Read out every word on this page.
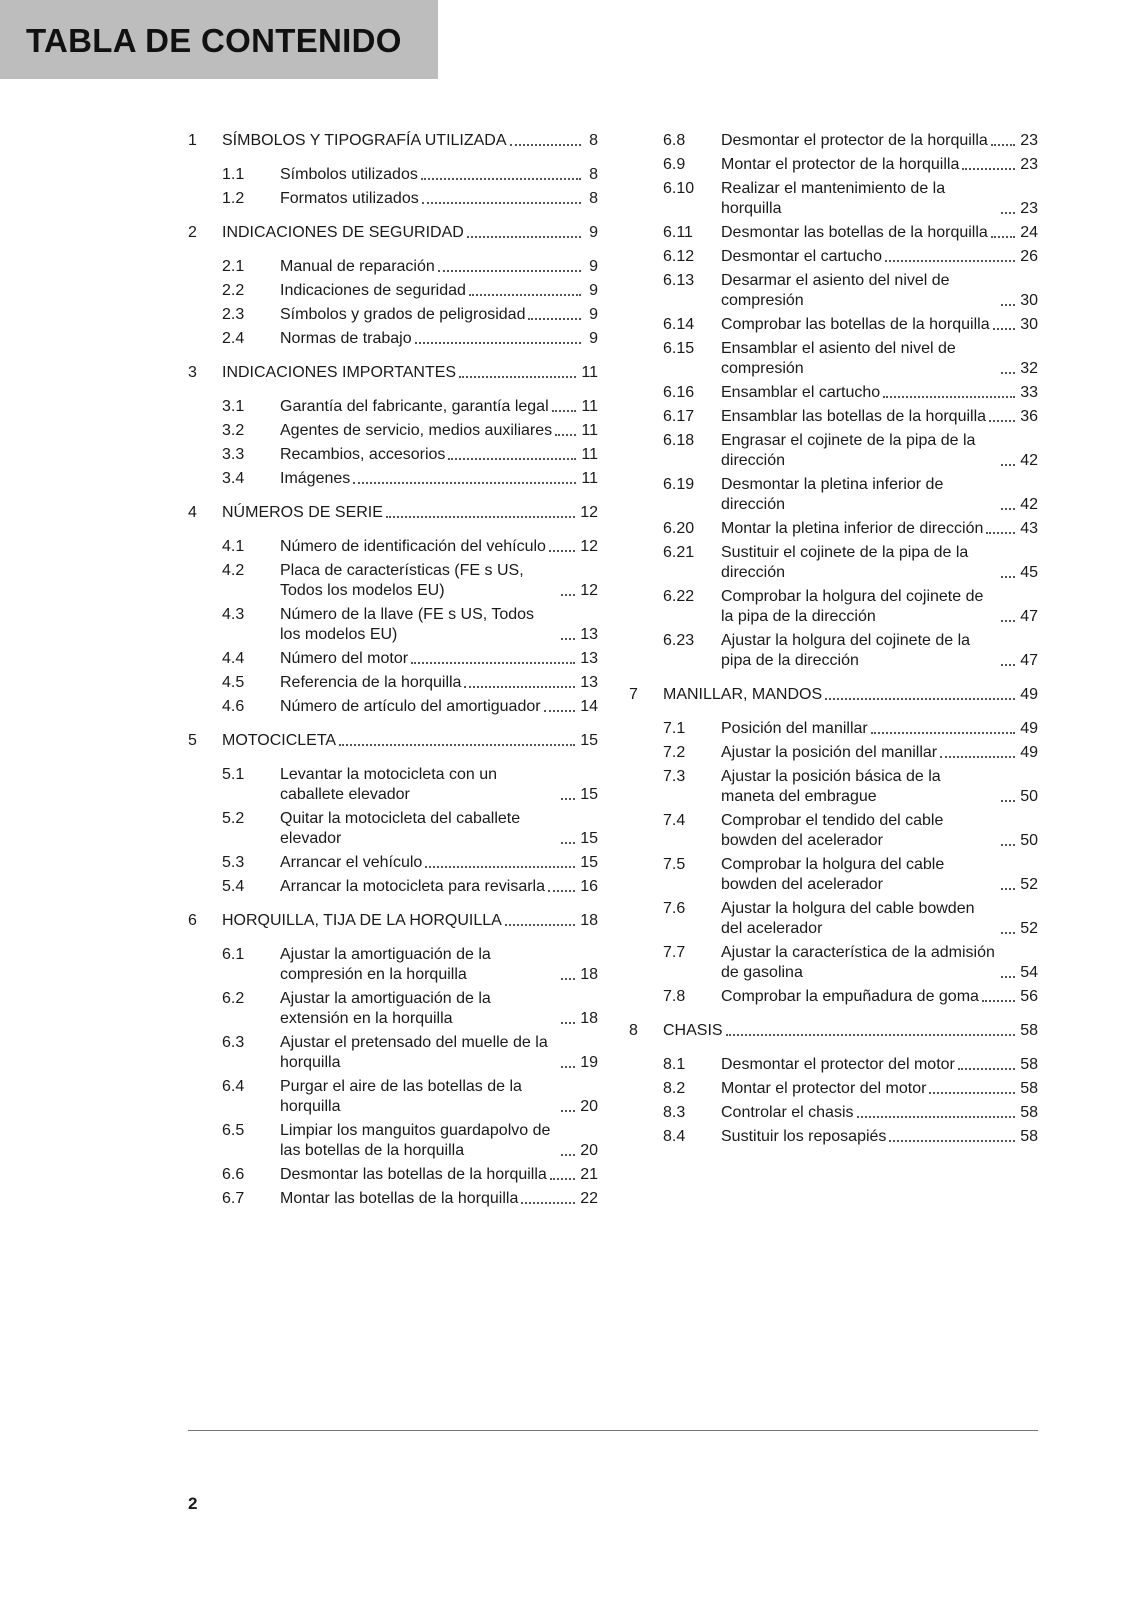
TABLA DE CONTENIDO
1	SÍMBOLOS Y TIPOGRAFÍA UTILIZADA	8
1.1	Símbolos utilizados	8
1.2	Formatos utilizados	8
2	INDICACIONES DE SEGURIDAD	9
2.1	Manual de reparación	9
2.2	Indicaciones de seguridad	9
2.3	Símbolos y grados de peligrosidad	9
2.4	Normas de trabajo	9
3	INDICACIONES IMPORTANTES	11
3.1	Garantía del fabricante, garantía legal 11
3.2	Agentes de servicio, medios auxiliares 11
3.3	Recambios, accesorios	11
3.4	Imágenes	11
4	NÚMEROS DE SERIE	12
4.1	Número de identificación del vehículo 12
4.2	Placa de características (FE s US, Todos los modelos EU)	12
4.3	Número de la llave (FE s US, Todos los modelos EU)	13
4.4	Número del motor	13
4.5	Referencia de la horquilla	13
4.6	Número de artículo del amortiguador 14
5	MOTOCICLETA	15
5.1	Levantar la motocicleta con un caballete elevador	15
5.2	Quitar la motocicleta del caballete elevador	15
5.3	Arrancar el vehículo	15
5.4	Arrancar la motocicleta para revisarla 16
6	HORQUILLA, TIJA DE LA HORQUILLA	18
6.1	Ajustar la amortiguación de la compresión en la horquilla	18
6.2	Ajustar la amortiguación de la extensión en la horquilla	18
6.3	Ajustar el pretensado del muelle de la horquilla	19
6.4	Purgar el aire de las botellas de la horquilla	20
6.5	Limpiar los manguitos guardapolvo de las botellas de la horquilla	20
6.6	Desmontar las botellas de la horquilla 21
6.7	Montar las botellas de la horquilla	22
6.8	Desmontar el protector de la horquilla 23
6.9	Montar el protector de la horquilla	23
6.10	Realizar el mantenimiento de la horquilla	23
6.11	Desmontar las botellas de la horquilla 24
6.12	Desmontar el cartucho	26
6.13	Desarmar el asiento del nivel de compresión	30
6.14	Comprobar las botellas de la horquilla 30
6.15	Ensamblar el asiento del nivel de compresión	32
6.16	Ensamblar el cartucho	33
6.17	Ensamblar las botellas de la horquilla 36
6.18	Engrasar el cojinete de la pipa de la dirección	42
6.19	Desmontar la pletina inferior de dirección	42
6.20	Montar la pletina inferior de dirección 43
6.21	Sustituir el cojinete de la pipa de la dirección	45
6.22	Comprobar la holgura del cojinete de la pipa de la dirección	47
6.23	Ajustar la holgura del cojinete de la pipa de la dirección	47
7	MANILLAR, MANDOS	49
7.1	Posición del manillar	49
7.2	Ajustar la posición del manillar	49
7.3	Ajustar la posición básica de la maneta del embrague	50
7.4	Comprobar el tendido del cable bowden del acelerador	50
7.5	Comprobar la holgura del cable bowden del acelerador	52
7.6	Ajustar la holgura del cable bowden del acelerador	52
7.7	Ajustar la característica de la admisión de gasolina	54
7.8	Comprobar la empuñadura de goma	56
8	CHASIS	58
8.1	Desmontar el protector del motor	58
8.2	Montar el protector del motor	58
8.3	Controlar el chasis	58
8.4	Sustituir los reposapiés	58
2
